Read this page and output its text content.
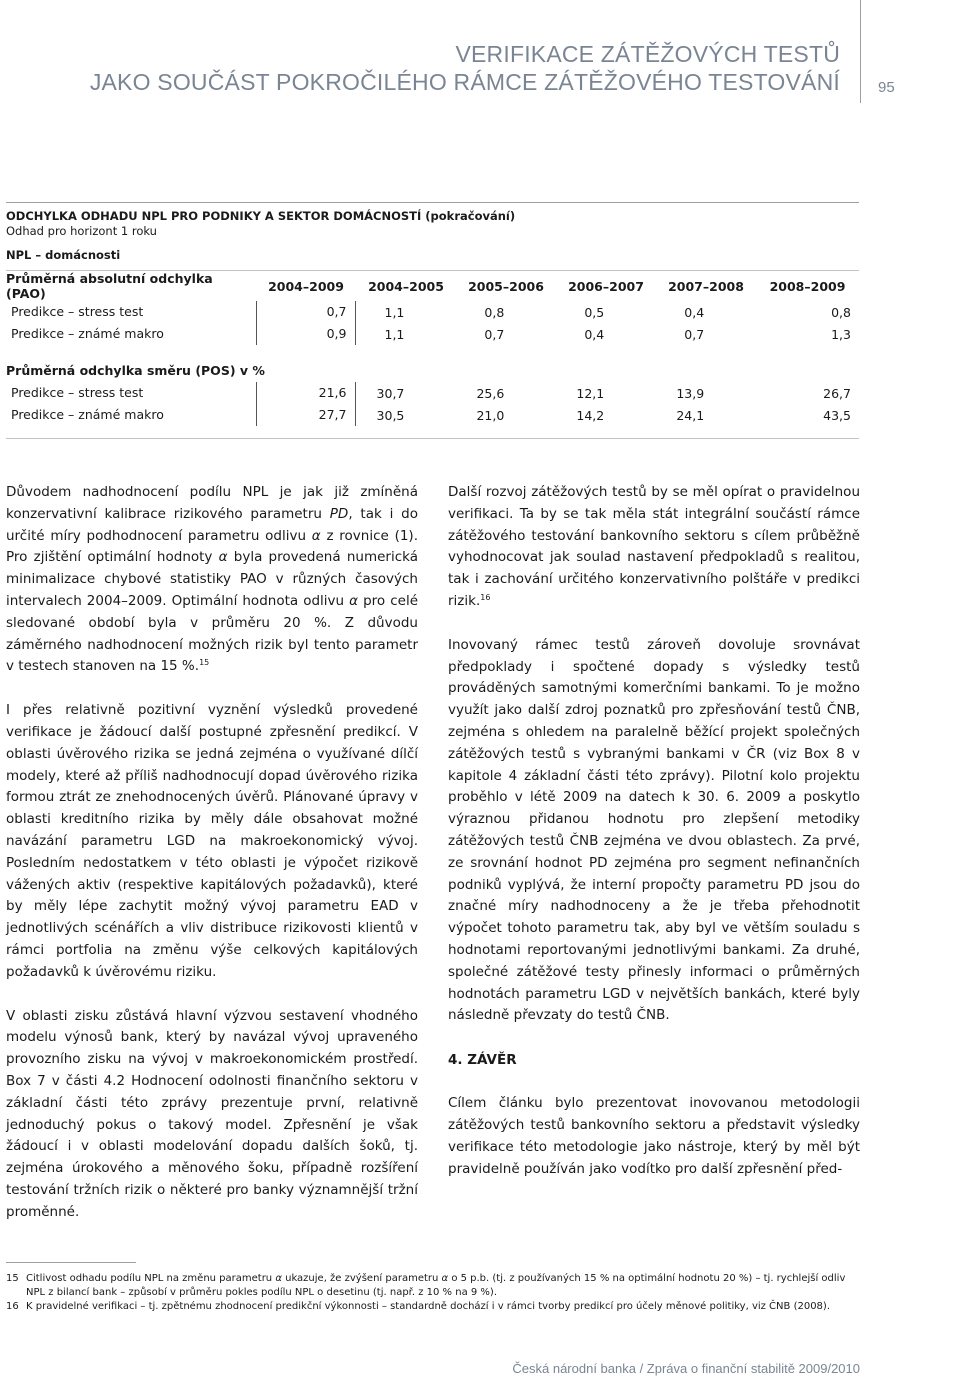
VERIFIKACE ZÁTĚŽOVÝCH TESTŮ
JAKO SOUČÁST POKROČILÉHO RÁMCE ZÁTĚŽOVÉHO TESTOVÁNÍ	95
ODCHYLKA ODHADU NPL PRO PODNIKY A SEKTOR DOMÁCNOSTÍ (pokračování)
Odhad pro horizont 1 roku
NPL – domácnosti
Průměrná absolutní odchylka (PAO)	2004–2009	2004–2005	2005–2006	2006–2007	2007–2008	2008–2009
Predikce – stress test	0,7	1,1	0,8	0,5	0,4	0,8
Predikce – známé makro	0,9	1,1	0,7	0,4	0,7	1,3
Průměrná odchylka směru (POS) v %
Predikce – stress test	21,6	30,7	25,6	12,1	13,9	26,7
Predikce – známé makro	27,7	30,5	21,0	14,2	24,1	43,5

Důvodem nadhodnocení podílu NPL je jak již zmíněná konzervativní kalibrace rizikového parametru PD, tak i do určité míry podhodnocení parametru odlivu α z rovnice (1). Pro zjištění optimální hodnoty α byla provedená numerická minimalizace chybové statistiky PAO v různých časových intervalech 2004–2009. Optimální hodnota odlivu α pro celé sledované období byla v průměru 20 %. Z důvodu záměrného nadhodnocení možných rizik byl tento parametr v testech stanoven na 15 %.$^{15}$

I přes relativně pozitivní vyznění výsledků provedené verifikace je žádoucí další postupné zpřesnění predikcí. V oblasti úvěrového rizika se jedná zejména o využívané dílčí modely, které až příliš nadhodnocují dopad úvěrového rizika formou ztrát ze znehodnocených úvěrů. Plánované úpravy v oblasti kreditního rizika by měly dále obsahovat možné navázání parametru LGD na makroekonomický vývoj. Posledním nedostatkem v této oblasti je výpočet rizikově vážených aktiv (respektive kapitálových požadavků), které by měly lépe zachytit možný vývoj parametru EAD v jednotlivých scénářích a vliv distribuce rizikovosti klientů v rámci portfolia na změnu výše celkových kapitálových požadavků k úvěrovému riziku.

V oblasti zisku zůstává hlavní výzvou sestavení vhodného modelu výnosů bank, který by navázal vývoj upraveného provozního zisku na vývoj v makroekonomickém prostředí. Box 7 v části 4.2 Hodnocení odolnosti finančního sektoru v základní části této zprávy prezentuje první, relativně jednoduchý pokus o takový model. Zpřesnění je však žádoucí i v oblasti modelování dopadu dalších šoků, tj. zejména úrokového a měnového šoku, případně rozšíření testování tržních rizik o některé pro banky významnější tržní proměnné.

Další rozvoj zátěžových testů by se měl opírat o pravidelnou verifikaci. Ta by se tak měla stát integrální součástí rámce zátěžového testování bankovního sektoru s cílem průběžně vyhodnocovat jak soulad nastavení předpokladů s realitou, tak i zachování určitého konzervativního polštáře v predikci rizik.$^{16}$

Inovovaný rámec testů zároveň dovoluje srovnávat předpoklady i spočtené dopady s výsledky testů prováděných samotnými komerčními bankami. To je možno využít jako další zdroj poznatků pro zpřesňování testů ČNB, zejména s ohledem na paralelně běžící projekt společných zátěžových testů s vybranými bankami v ČR (viz Box 8 v kapitole 4 základní části této zprávy). Pilotní kolo projektu proběhlo v létě 2009 na datech k 30. 6. 2009 a poskytlo výraznou přidanou hodnotu pro zlepšení metodiky zátěžových testů ČNB zejména ve dvou oblastech. Za prvé, ze srovnání hodnot PD zejména pro segment nefinančních podniků vyplývá, že interní propočty parametru PD jsou do značné míry nadhodnoceny a že je třeba přehodnotit výpočet tohoto parametru tak, aby byl ve větším souladu s hodnotami reportovanými jednotlivými bankami. Za druhé, společné zátěžové testy přinesly informaci o průměrných hodnotách parametru LGD v největších bankách, které byly následně převzaty do testů ČNB.

4. ZÁVĚR

Cílem článku bylo prezentovat inovovanou metodologii zátěžových testů bankovního sektoru a představit výsledky verifikace této metodologie jako nástroje, který by měl být pravidelně používán jako vodítko pro další zpřesnění před-

15 Citlivost odhadu podílu NPL na změnu parametru α ukazuje, že zvýšení parametru α o 5 p.b. (tj. z používaných 15 % na optimální hodnotu 20 %) – tj. rychlejší odliv NPL z bilancí bank – způsobí v průměru pokles podílu NPL o desetinu (tj. např. z 10 % na 9 %).
16 K pravidelné verifikaci – tj. zpětnému zhodnocení predikční výkonnosti – standardně dochází i v rámci tvorby predikcí pro účely měnové politiky, viz ČNB (2008).
Česká národní banka / Zpráva o finanční stabilitě 2009/2010
